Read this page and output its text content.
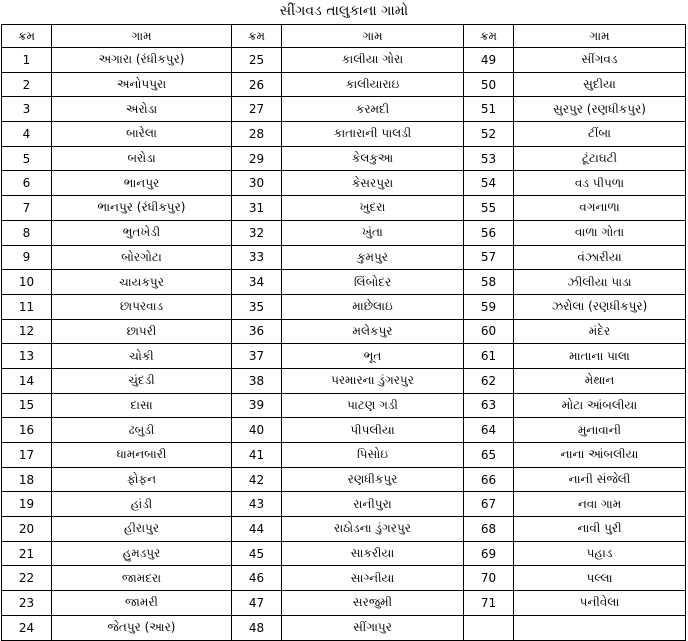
સીંગવડ તાલુકાના ગામો
ક્રમ	ગામ	ક્રમ	ગામ	ક્રમ	ગામ
1	અગારા (રંધીકપુર)	25	કાલીયા ગોરા	49	સીંગવડ
2	અનોપપુરા	26	કાલીયારાઇ	50	સુદીયા
3	અરોડા	27	કરમદી	51	સુરપુર (રણધીકપુર)
4	બારેલા	28	કાતારાની પાલડી	52	ટીંબા
5	બરોડા	29	કેલકુઆ	53	ટૂંટાઘટી
6	ભાનપુર	30	કેસરપુરા	54	વડ પીપળા
7	ભાનપુર (રંધીકપુર)	31	ખુદરા	55	વગનાળા
8	ભુતખેડી	32	ખુંતા	56	વાળા ગોતા
9	બોરગોટા	33	કુમપુર	57	વંઝારીયા
10	ચાયકપુર	34	લિંબોદર	58	ઝીલીયા પાડા
11	છાપરવાડ	35	માછેલાઇ	59	ઝરોલા (રણધીકપુર)
12	છાપરી	36	મલેકપુર	60	મંદેર
13	ચોકી	37	ભૂત	61	માતાના પાલા
14	ચુંદડી	38	પરમારના ડુંગરપુર	62	મેથાન
15	દાસા	39	પાટણ ગડી	63	મોટા આંબલીયા
16	ઢબુડી	40	પીપલીયા	64	મુનાવાની
17	ધામનબારી	41	પિસોઇ	65	નાના આંબલીયા
18	ફોફન	42	રણધીકપુર	66	નાની સંજેલી
19	હાંડી	43	રાનીપુરા	67	નવા ગામ
20	હીરાપુર	44	રાઠોડના ડુંગરપુર	68	નાવી પુરી
21	હુમડપુર	45	સાકરીયા	69	પહાડ
22	જામદરા	46	સાગ્નીયા	70	પલ્લા
23	જામરી	47	સરજુમી	71	પનીવેલા
24	જેતપુર (આર)	48	સીંગાપુર		
